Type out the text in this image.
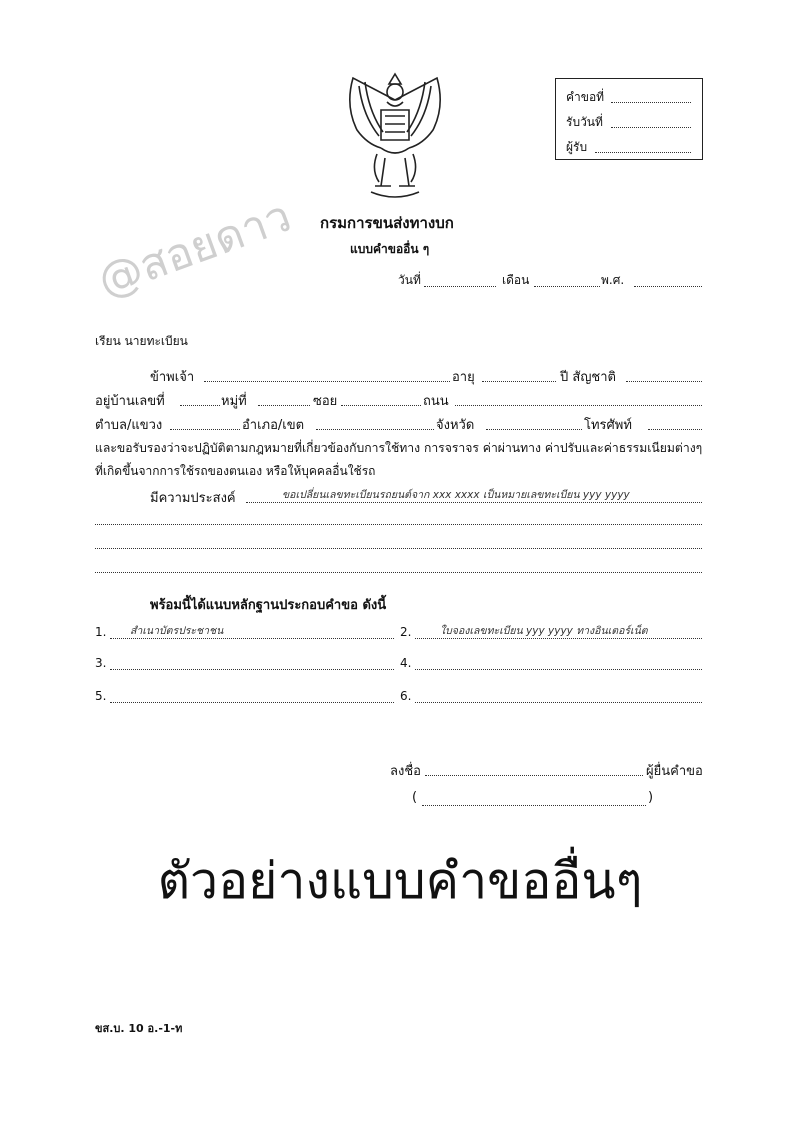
คำขอที่
รับวันที่
ผู้รับ
กรมการขนส่งทางบก
แบบคำขออื่น ๆ
วันที่	เดือน	พ.ศ.
@สอยดาว
เรียน นายทะเบียน
ข้าพเจ้า	อายุ	ปี สัญชาติ
อยู่บ้านเลขที่	หมู่ที่	ซอย	ถนน
ตำบล/แขวง	อำเภอ/เขต	จังหวัด	โทรศัพท์
และขอรับรองว่าจะปฏิบัติตามกฎหมายที่เกี่ยวข้องกับการใช้ทาง การจราจร ค่าผ่านทาง ค่าปรับและค่าธรรมเนียมต่างๆ
ที่เกิดขึ้นจากการใช้รถของตนเอง หรือให้บุคคลอื่นใช้รถ
มีความประสงค์	ขอเปลี่ยนเลขทะเบียนรถยนต์จาก xxx xxxx เป็นหมายเลขทะเบียน yyy yyyy
พร้อมนี้ได้แนบหลักฐานประกอบคำขอ ดังนี้
1. สำเนาบัตรประชาชน	2.	ใบจองเลขทะเบียน yyy yyyy ทางอินเตอร์เน็ต
3.	4.
5.	6.
ลงชื่อ	ผู้ยื่นคำขอ
(	)
ตัวอย่างแบบคำขออื่นๆ
ขส.บ. 10 อ.-1-ท
